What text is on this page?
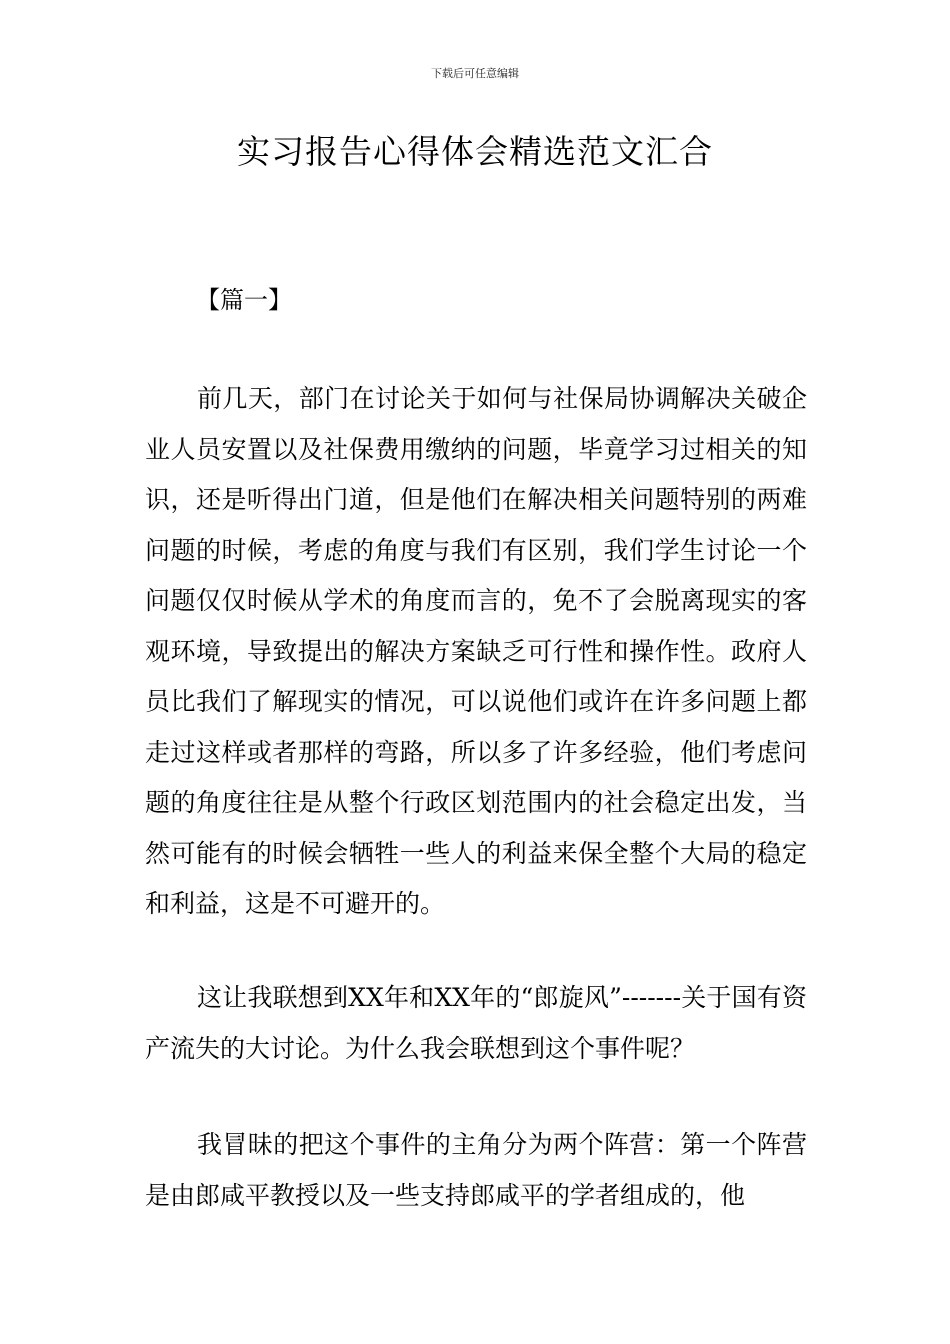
下载后可任意编辑
实习报告心得体会精选范文汇合
【篇一】

前几天，部门在讨论关于如何与社保局协调解决关破企业人员安置以及社保费用缴纳的问题，毕竟学习过相关的知识，还是听得出门道，但是他们在解决相关问题特别的两难问题的时候，考虑的角度与我们有区别，我们学生讨论一个问题仅仅时候从学术的角度而言的，免不了会脱离现实的客观环境，导致提出的解决方案缺乏可行性和操作性。政府人员比我们了解现实的情况，可以说他们或许在许多问题上都走过这样或者那样的弯路，所以多了许多经验，他们考虑问题的角度往往是从整个行政区划范围内的社会稳定出发，当然可能有的时候会牺牲一些人的利益来保全整个大局的稳定和利益，这是不可避开的。

这让我联想到XX年和XX年的“郎旋风”-------关于国有资产流失的大讨论。为什么我会联想到这个事件呢？

我冒昧的把这个事件的主角分为两个阵营：第一个阵营是由郎咸平教授以及一些支持郎咸平的学者组成的，他
